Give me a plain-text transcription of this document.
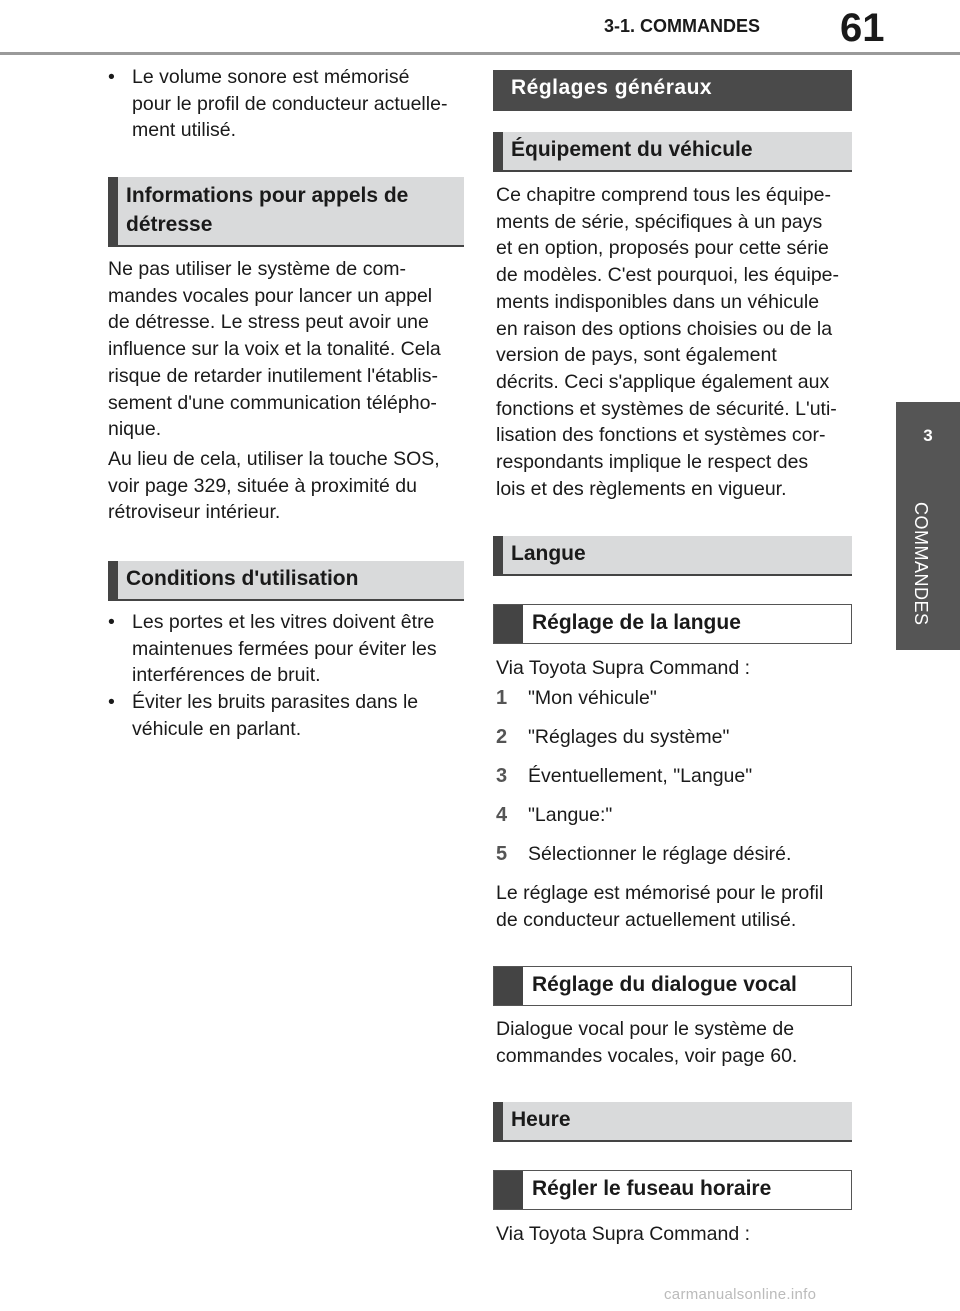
3-1. COMMANDES 61
3
COMMANDES
• Le volume sonore est mémorisé
pour le profil de conducteur actuelle-
ment utilisé.
Informations pour appels de
détresse
Ne pas utiliser le système de com-
mandes vocales pour lancer un appel
de détresse. Le stress peut avoir une
influence sur la voix et la tonalité. Cela
risque de retarder inutilement l'établis-
sement d'une communication télépho-
nique.
Au lieu de cela, utiliser la touche SOS,
voir page 329, située à proximité du
rétroviseur intérieur.
Conditions d'utilisation
• Les portes et les vitres doivent être
maintenues fermées pour éviter les
interférences de bruit.
• Éviter les bruits parasites dans le
véhicule en parlant.
Réglages généraux
Équipement du véhicule
Ce chapitre comprend tous les équipe-
ments de série, spécifiques à un pays
et en option, proposés pour cette série
de modèles. C'est pourquoi, les équipe-
ments indisponibles dans un véhicule
en raison des options choisies ou de la
version de pays, sont également
décrits. Ceci s'applique également aux
fonctions et systèmes de sécurité. L'uti-
lisation des fonctions et systèmes cor-
respondants implique le respect des
lois et des règlements en vigueur.
Langue
Réglage de la langue
Via Toyota Supra Command :
1 "Mon véhicule"
2 "Réglages du système"
3 Éventuellement, "Langue"
4 "Langue:"
5 Sélectionner le réglage désiré.
Le réglage est mémorisé pour le profil
de conducteur actuellement utilisé.
Réglage du dialogue vocal
Dialogue vocal pour le système de
commandes vocales, voir page 60.
Heure
Régler le fuseau horaire
Via Toyota Supra Command :
carmanualsonline.info
